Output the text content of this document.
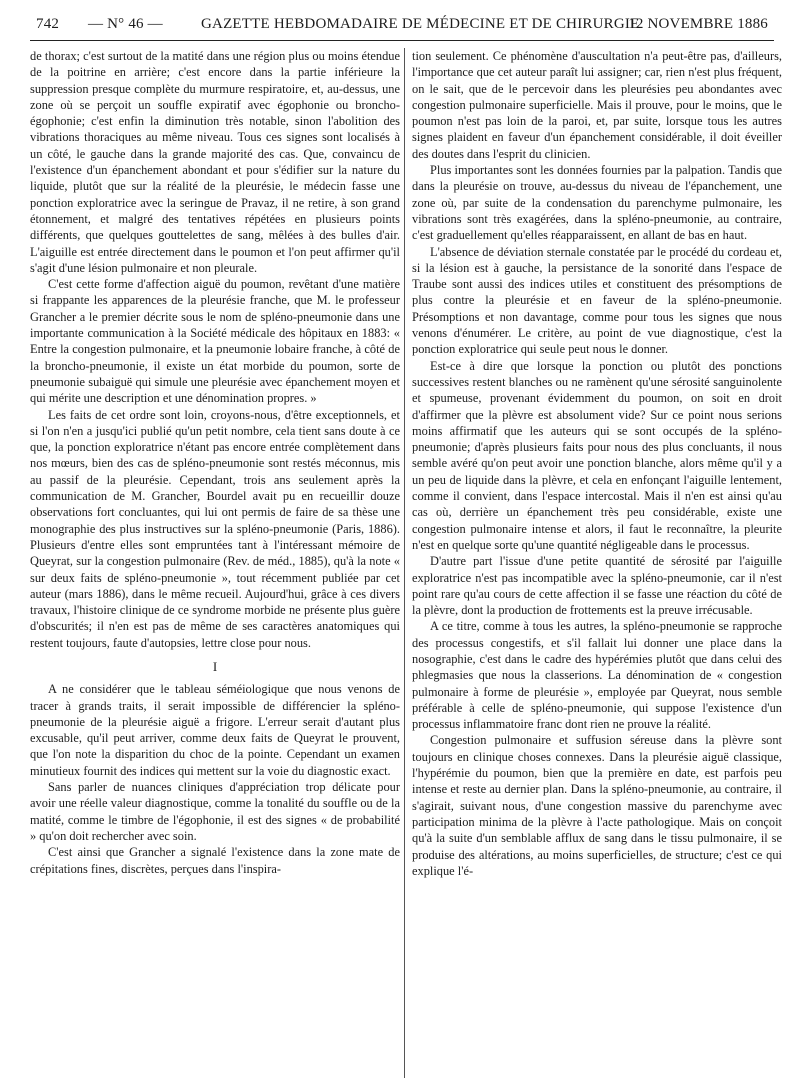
742 — N° 46 —	GAZETTE HEBDOMADAIRE DE MÉDECINE ET DE CHIRURGIE
12 NOVEMBRE 1886

de thorax; c'est surtout de la matité dans une région plus ou moins étendue de la poitrine en arrière; c'est encore dans la partie inférieure la suppression presque complète du murmure respiratoire, et, au-dessus, une zone où se perçoit un souffle expiratif avec égophonie ou broncho-égophonie; c'est enfin la diminution très notable, sinon l'abolition des vibrations thoraciques au même niveau. Tous ces signes sont localisés à un côté, le gauche dans la grande majorité des cas. Que, convaincu de l'existence d'un épanchement abondant et pour s'édifier sur la nature du liquide, plutôt que sur la réalité de la pleurésie, le médecin fasse une ponction exploratrice avec la seringue de Pravaz, il ne retire, à son grand étonnement, et malgré des tentatives répétées en plusieurs points différents, que quelques gouttelettes de sang, mêlées à des bulles d'air. L'aiguille est entrée directement dans le poumon et l'on peut affirmer qu'il s'agit d'une lésion pulmonaire et non pleurale.

C'est cette forme d'affection aiguë du poumon, revêtant d'une matière si frappante les apparences de la pleurésie franche, que M. le professeur Grancher a le premier décrite sous le nom de spléno-pneumonie dans une importante communication à la Société médicale des hôpitaux en 1883: « Entre la congestion pulmonaire, et la pneumonie lobaire franche, à côté de la broncho-pneumonie, il existe un état morbide du poumon, sorte de pneumonie subaiguë qui simule une pleurésie avec épanchement moyen et qui mérite une description et une dénomination propres. »

Les faits de cet ordre sont loin, croyons-nous, d'être exceptionnels, et si l'on n'en a jusqu'ici publié qu'un petit nombre, cela tient sans doute à ce que, la ponction exploratrice n'étant pas encore entrée complètement dans nos mœurs, bien des cas de spléno-pneumonie sont restés méconnus, mis au passif de la pleurésie. Cependant, trois ans seulement après la communication de M. Grancher, Bourdel avait pu en recueillir douze observations fort concluantes, qui lui ont permis de faire de sa thèse une monographie des plus instructives sur la spléno-pneumonie (Paris, 1886). Plusieurs d'entre elles sont empruntées tant à l'intéressant mémoire de Queyrat, sur la congestion pulmonaire (Rev. de méd., 1885), qu'à la note « sur deux faits de spléno-pneumonie », tout récemment publiée par cet auteur (mars 1886), dans le même recueil. Aujourd'hui, grâce à ces divers travaux, l'histoire clinique de ce syndrome morbide ne présente plus guère d'obscurités; il n'en est pas de même de ses caractères anatomiques qui restent toujours, faute d'autopsies, lettre close pour nous.

I

A ne considérer que le tableau séméiologique que nous venons de tracer à grands traits, il serait impossible de différencier la spléno-pneumonie de la pleurésie aiguë a frigore. L'erreur serait d'autant plus excusable, qu'il peut arriver, comme deux faits de Queyrat le prouvent, que l'on note la disparition du choc de la pointe. Cependant un examen minutieux fournit des indices qui mettent sur la voie du diagnostic exact.

Sans parler de nuances cliniques d'appréciation trop délicate pour avoir une réelle valeur diagnostique, comme la tonalité du souffle ou de la matité, comme le timbre de l'égophonie, il est des signes « de probabilité » qu'on doit rechercher avec soin.

C'est ainsi que Grancher a signalé l'existence dans la zone mate de crépitations fines, discrètes, perçues dans l'inspira-

tion seulement. Ce phénomène d'auscultation n'a peut-être pas, d'ailleurs, l'importance que cet auteur paraît lui assigner; car, rien n'est plus fréquent, on le sait, que de le percevoir dans les pleurésies peu abondantes avec congestion pulmonaire superficielle. Mais il prouve, pour le moins, que le poumon n'est pas loin de la paroi, et, par suite, lorsque tous les autres signes plaident en faveur d'un épanchement considérable, il doit éveiller des doutes dans l'esprit du clinicien.

Plus importantes sont les données fournies par la palpation. Tandis que dans la pleurésie on trouve, au-dessus du niveau de l'épanchement, une zone où, par suite de la condensation du parenchyme pulmonaire, les vibrations sont très exagérées, dans la spléno-pneumonie, au contraire, c'est graduellement qu'elles réapparaissent, en allant de bas en haut.

L'absence de déviation sternale constatée par le procédé du cordeau et, si la lésion est à gauche, la persistance de la sonorité dans l'espace de Traube sont aussi des indices utiles et constituent des présomptions de plus contre la pleurésie et en faveur de la spléno-pneumonie. Présomptions et non davantage, comme pour tous les signes que nous venons d'énumérer. Le critère, au point de vue diagnostique, c'est la ponction exploratrice qui seule peut nous le donner.

Est-ce à dire que lorsque la ponction ou plutôt des ponctions successives restent blanches ou ne ramènent qu'une sérosité sanguinolente et spumeuse, provenant évidemment du poumon, on soit en droit d'affirmer que la plèvre est absolument vide? Sur ce point nous serions moins affirmatif que les auteurs qui se sont occupés de la spléno-pneumonie; d'après plusieurs faits pour nous des plus concluants, il nous semble avéré qu'on peut avoir une ponction blanche, alors même qu'il y a un peu de liquide dans la plèvre, et cela en enfonçant l'aiguille lentement, comme il convient, dans l'espace intercostal. Mais il n'en est ainsi qu'au cas où, derrière un épanchement très peu considérable, existe une congestion pulmonaire intense et alors, il faut le reconnaître, la pleurite n'est en quelque sorte qu'une quantité négligeable dans le processus.

D'autre part l'issue d'une petite quantité de sérosité par l'aiguille exploratrice n'est pas incompatible avec la spléno-pneumonie, car il n'est point rare qu'au cours de cette affection il se fasse une réaction du côté de la plèvre, dont la production de frottements est la preuve irrécusable.

A ce titre, comme à tous les autres, la spléno-pneumonie se rapproche des processus congestifs, et s'il fallait lui donner une place dans la nosographie, c'est dans le cadre des hypérémies plutôt que dans celui des phlegmasies que nous la classerions. La dénomination de « congestion pulmonaire à forme de pleurésie », employée par Queyrat, nous semble préférable à celle de spléno-pneumonie, qui suppose l'existence d'un processus inflammatoire franc dont rien ne prouve la réalité.

Congestion pulmonaire et suffusion séreuse dans la plèvre sont toujours en clinique choses connexes. Dans la pleurésie aiguë classique, l'hypérémie du poumon, bien que la première en date, est parfois peu intense et reste au dernier plan. Dans la spléno-pneumonie, au contraire, il s'agirait, suivant nous, d'une congestion massive du parenchyme avec participation minima de la plèvre à l'acte pathologique. Mais on conçoit qu'à la suite d'un semblable afflux de sang dans le tissu pulmonaire, il se produise des altérations, au moins superficielles, de structure; c'est ce qui explique l'é-
